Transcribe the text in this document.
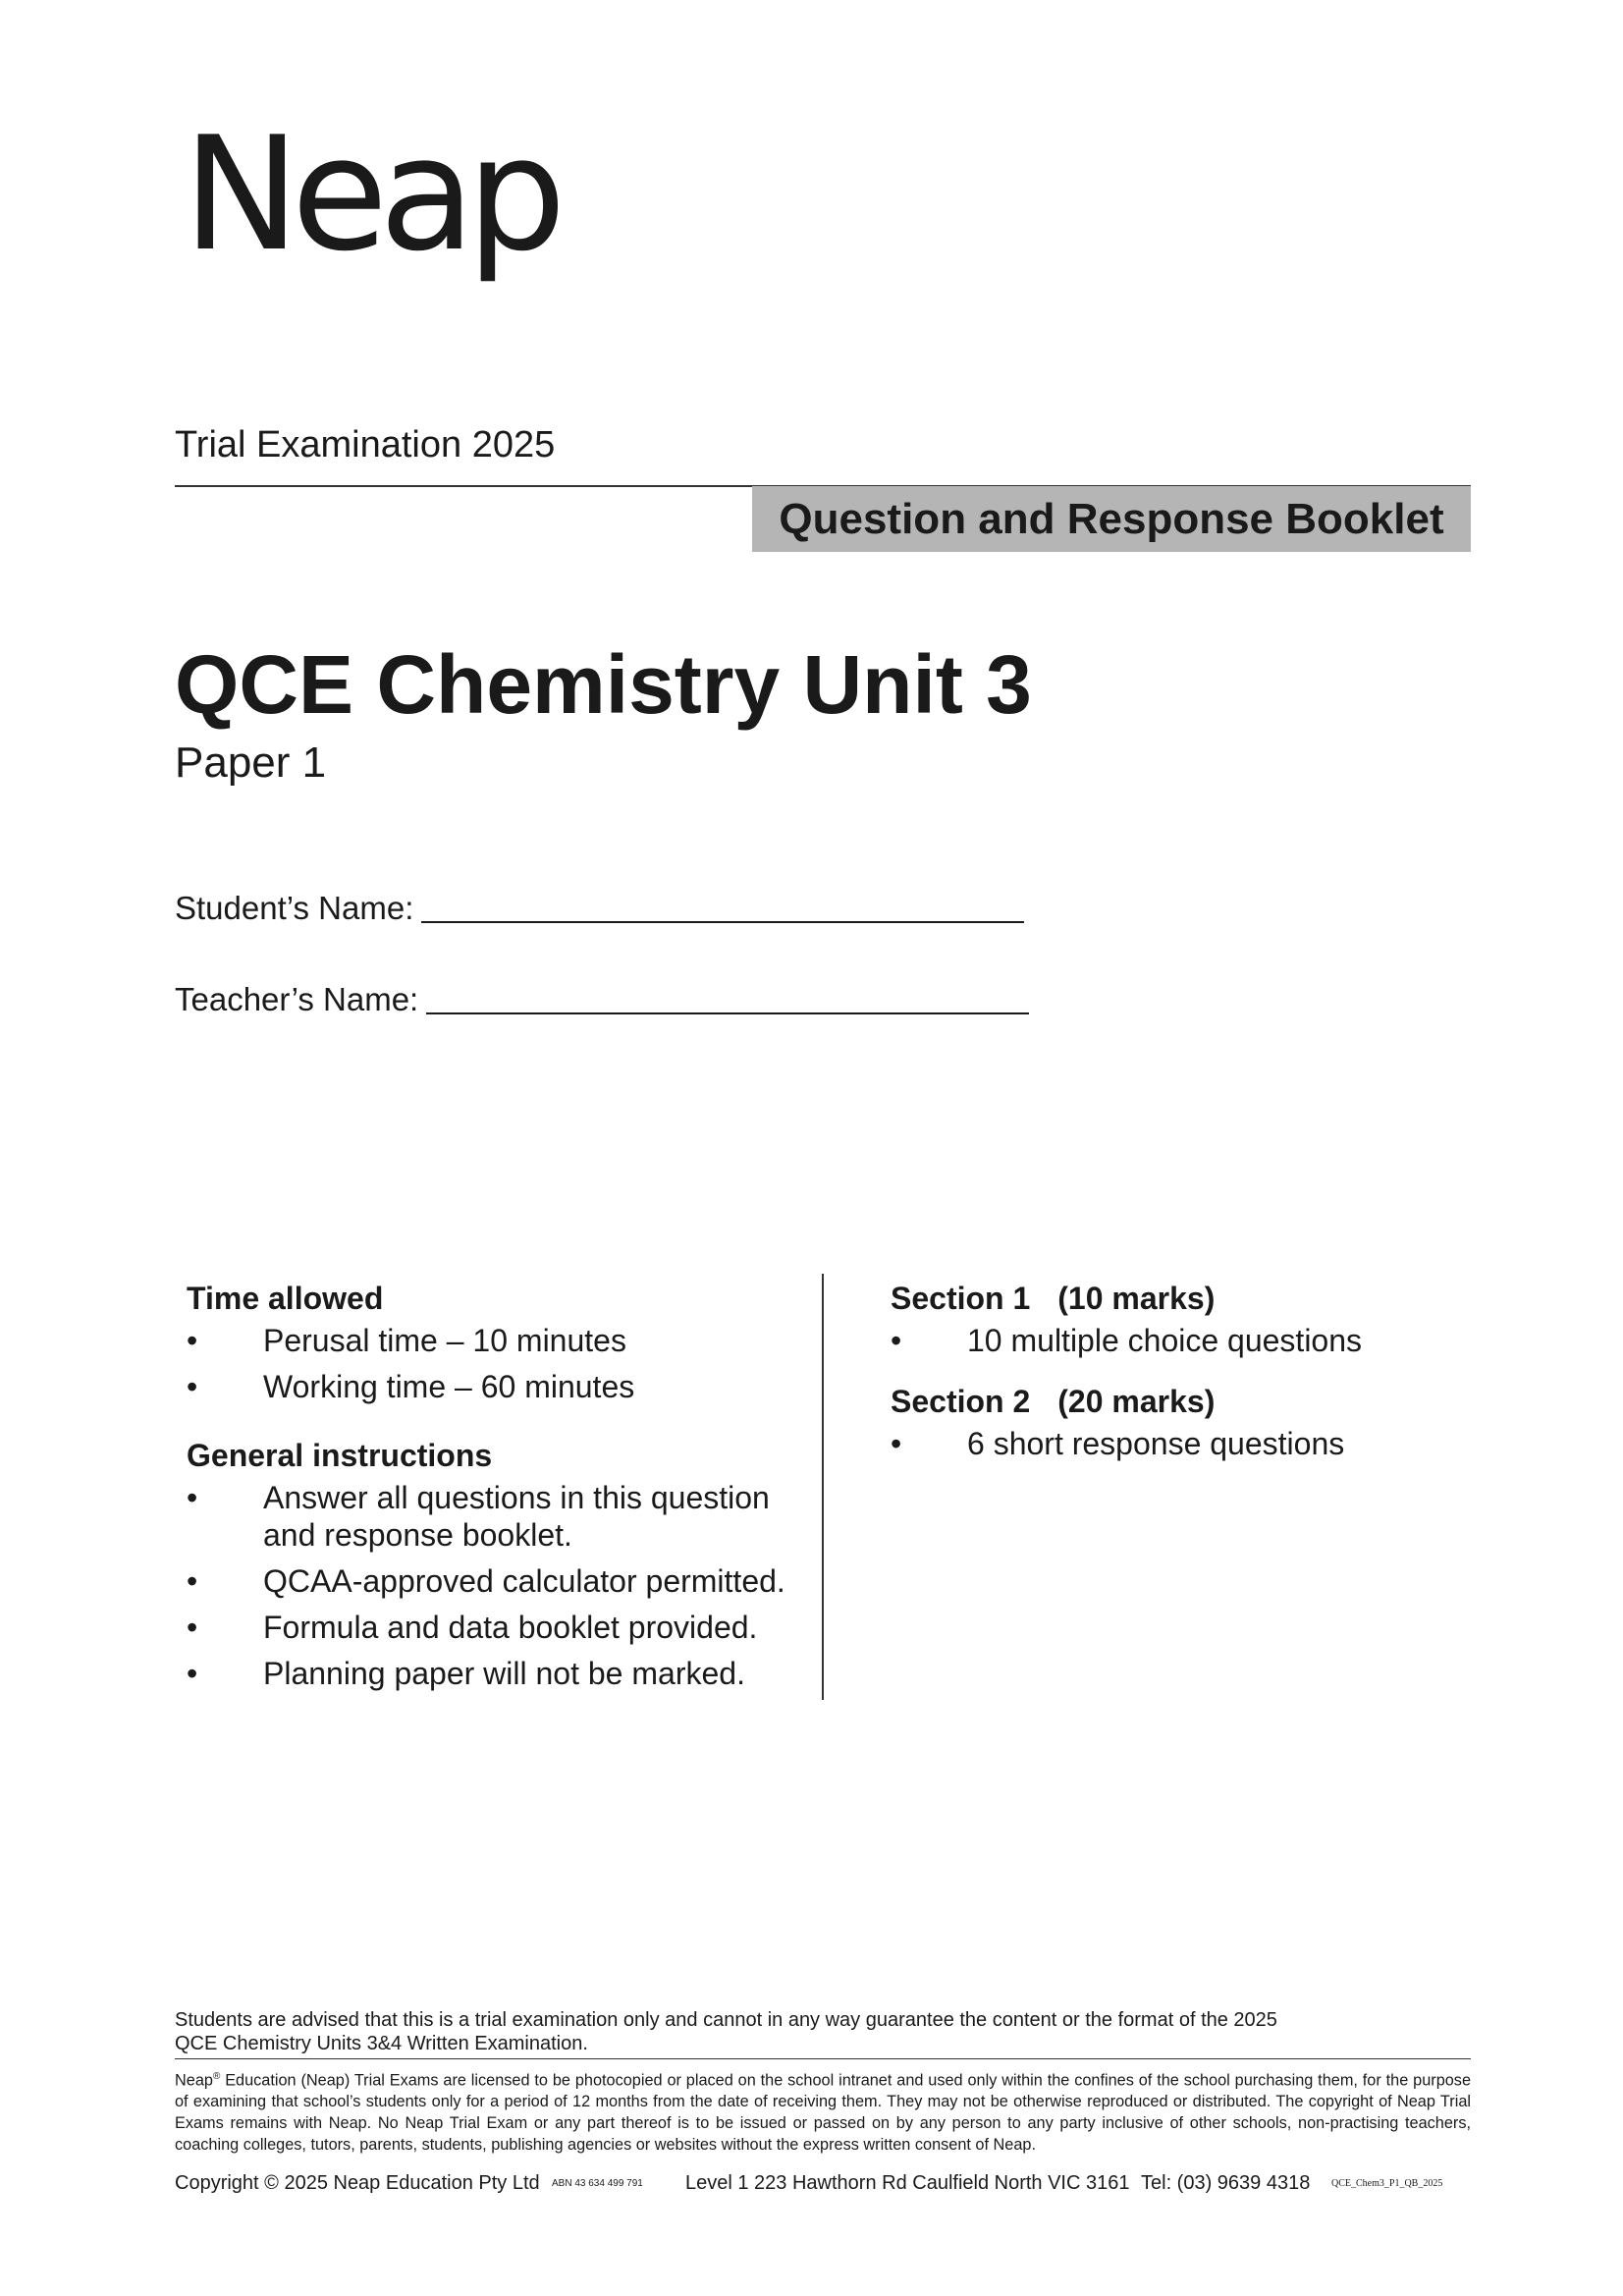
Neap
Trial Examination 2025
Question and Response Booklet
QCE Chemistry Unit 3
Paper 1
Student’s Name:
Teacher’s Name:

Time allowed

• Perusal time – 10 minutes
• Working time – 60 minutes

General instructions

• Answer all questions in this question and response booklet.
• QCAA-approved calculator permitted.
• Formula and data booklet provided.
• Planning paper will not be marked.

Section 1 (10 marks)

• 10 multiple choice questions

Section 2 (20 marks)

• 6 short response questions
Students are advised that this is a trial examination only and cannot in any way guarantee the content or the format of the 2025
QCE Chemistry Units 3&4 Written Examination.
Neap® Education (Neap) Trial Exams are licensed to be photocopied or placed on the school intranet and used only within the confines of the school purchasing them, for the purpose of examining that school’s students only for a period of 12 months from the date of receiving them. They may not be otherwise reproduced or distributed. The copyright of Neap Trial Exams remains with Neap. No Neap Trial Exam or any part thereof is to be issued or passed on by any person to any party inclusive of other schools, non-practising teachers, coaching colleges, tutors, parents, students, publishing agencies or websites without the express written consent of Neap.
Copyright © 2025 Neap Education Pty Ltd ABN 43 634 499 791 Level 1 223 Hawthorn Rd Caulfield North VIC 3161 Tel: (03) 9639 4318 QCE_Chem3_P1_QB_2025
